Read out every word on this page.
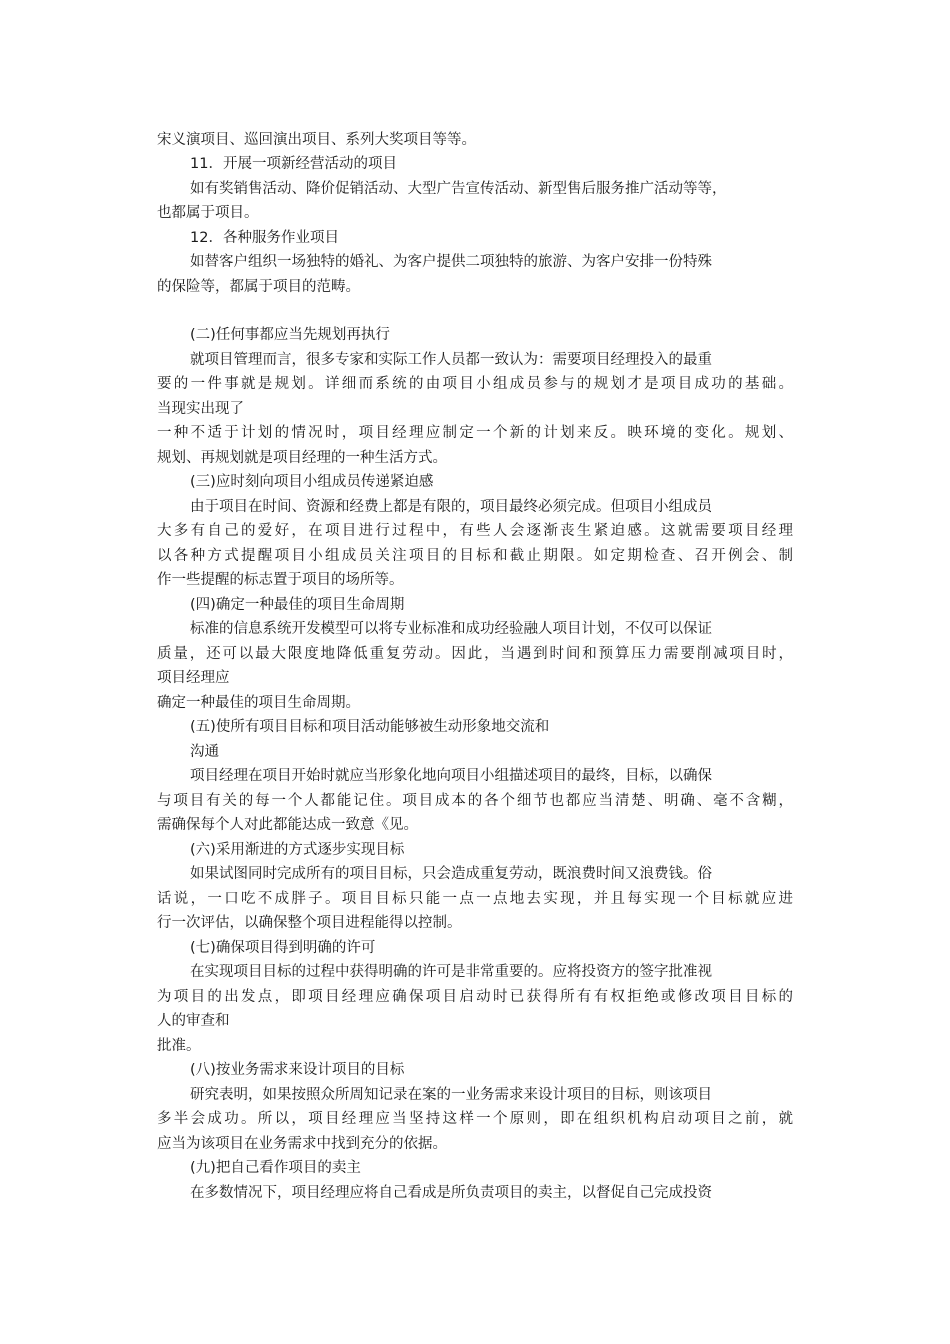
宋义演项目、巡回演出项目、系列大奖项目等等。
11．开展一项新经营活动的项目
如有奖销售活动、降价促销活动、大型广告宣传活动、新型售后服务推广活动等等，
也都属于项目。
12．各种服务作业项目
如替客户组织一场独特的婚礼、为客户提供二项独特的旅游、为客户安排一份特殊
的保险等，都属于项目的范畴。
(二)任何事都应当先规划再执行
就项目管理而言，很多专家和实际工作人员都一致认为：需要项目经理投入的最重
要的一件事就是规划。详细而系统的由项目小组成员参与的规划才是项目成功的基础。
当现实出现了
一种不适于计划的情况时，项目经理应制定一个新的计划来反。映环境的变化。规划、
规划、再规划就是项目经理的一种生活方式。
(三)应时刻向项目小组成员传递紧迫感
由于项目在时间、资源和经费上都是有限的，项目最终必须完成。但项目小组成员
大多有自己的爱好，在项目进行过程中，有些人会逐渐丧生紧迫感。这就需要项目经理
以各种方式提醒项目小组成员关注项目的目标和截止期限。如定期检查、召开例会、制
作一些提醒的标志置于项目的场所等。
(四)确定一种最佳的项目生命周期
标准的信息系统开发模型可以将专业标准和成功经验融人项目计划，不仅可以保证
质量，还可以最大限度地降低重复劳动。因此，当遇到时间和预算压力需要削减项目时，
项目经理应
确定一种最佳的项目生命周期。
(五)使所有项目目标和项目活动能够被生动形象地交流和
沟通
项目经理在项目开始时就应当形象化地向项目小组描述项目的最终，目标，以确保
与项目有关的每一个人都能记住。项目成本的各个细节也都应当清楚、明确、毫不含糊，
需确保每个人对此都能达成一致意《见。
(六)采用渐进的方式逐步实现目标
如果试图同时完成所有的项目目标，只会造成重复劳动，既浪费时间又浪费钱。俗
话说，一口吃不成胖子。项目目标只能一点一点地去实现，并且每实现一个目标就应进
行一次评估，以确保整个项目进程能得以控制。
(七)确保项目得到明确的许可
在实现项目目标的过程中获得明确的许可是非常重要的。应将投资方的签字批准视
为项目的出发点，即项目经理应确保项目启动时已获得所有有权拒绝或修改项目目标的
人的审查和
批准。
(八)按业务需求来设计项目的目标
研究表明，如果按照众所周知记录在案的一业务需求来设计项目的目标，则该项目
多半会成功。所以，项目经理应当坚持这样一个原则，即在组织机构启动项目之前，就
应当为该项目在业务需求中找到充分的依据。
(九)把自己看作项目的卖主
在多数情况下，项目经理应将自己看成是所负责项目的卖主，以督促自己完成投资
